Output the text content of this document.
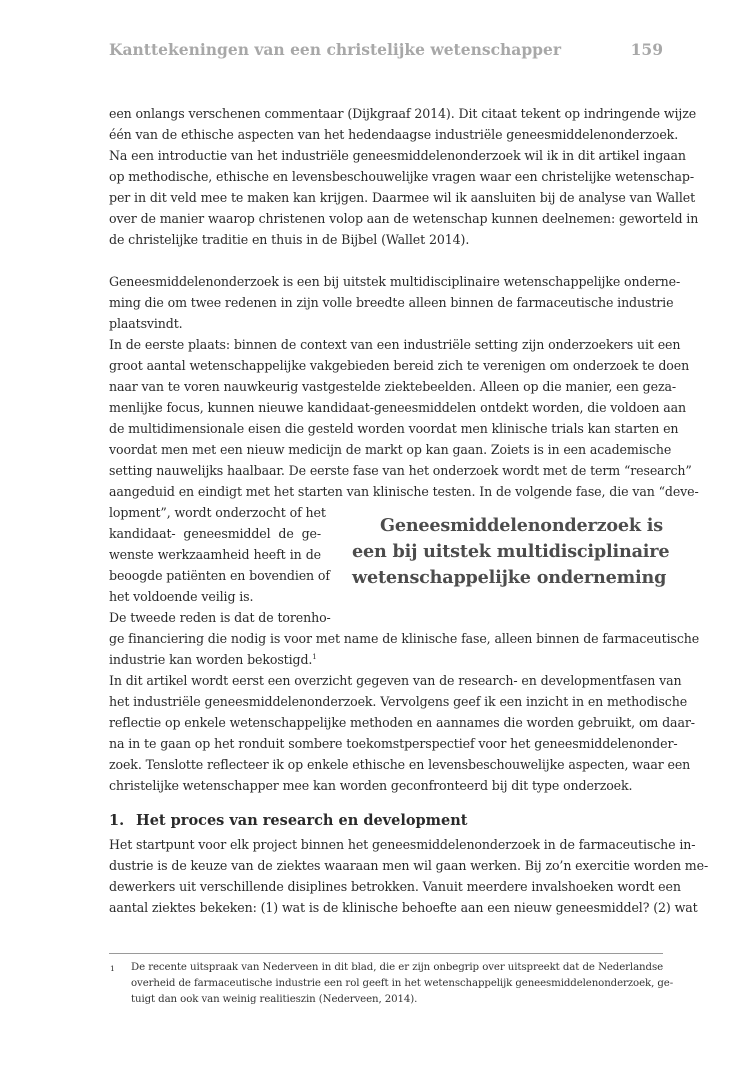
Kanttekeningen van een christelijke wetenschapper	159
een onlangs verschenen commentaar (Dijkgraaf 2014). Dit citaat tekent op indringende wijze
één van de ethische aspecten van het hedendaagse industriële geneesmiddelenonderzoek.
Na een introductie van het industriële geneesmiddelenonderzoek wil ik in dit artikel ingaan
op methodische, ethische en levensbeschouwelijke vragen waar een christelijke wetenschap-
per in dit veld mee te maken kan krijgen. Daarmee wil ik aansluiten bij de analyse van Wallet
over de manier waarop christenen volop aan de wetenschap kunnen deelnemen: geworteld in
de christelijke traditie en thuis in de Bijbel (Wallet 2014).
Geneesmiddelenonderzoek is een bij uitstek multidisciplinaire wetenschappelijke onderne-
ming die om twee redenen in zijn volle breedte alleen binnen de farmaceutische industrie
plaatsvindt.
In de eerste plaats: binnen de context van een industriële setting zijn onderzoekers uit een
groot aantal wetenschappelijke vakgebieden bereid zich te verenigen om onderzoek te doen
naar van te voren nauwkeurig vastgestelde ziektebeelden. Alleen op die manier, een geza-
menlijke focus, kunnen nieuwe kandidaat-geneesmiddelen ontdekt worden, die voldoen aan
de multidimensionale eisen die gesteld worden voordat men klinische trials kan starten en
voordat men met een nieuw medicijn de markt op kan gaan. Zoiets is in een academische
setting nauwelijks haalbaar. De eerste fase van het onderzoek wordt met de term “research”
aangeduid en eindigt met het starten van klinische testen. In de volgende fase, die van “deve-
lopment”, wordt onderzocht of het
kandidaat- geneesmiddel de ge-
wenste werkzaamheid heeft in de
beoogde patiënten en bovendien of
het voldoende veilig is.
De tweede reden is dat de torenho-
Geneesmiddelenonderzoek is
een bij uitstek multidisciplinaire
wetenschappelijke onderneming
ge financiering die nodig is voor met name de klinische fase, alleen binnen de farmaceutische
industrie kan worden bekostigd.$^1$
In dit artikel wordt eerst een overzicht gegeven van de research- en developmentfasen van
het industriële geneesmiddelenonderzoek. Vervolgens geef ik een inzicht in en methodische
reflectie op enkele wetenschappelijke methoden en aannames die worden gebruikt, om daar-
na in te gaan op het ronduit sombere toekomstperspectief voor het geneesmiddelenonder-
zoek. Tenslotte reflecteer ik op enkele ethische en levensbeschouwelijke aspecten, waar een
christelijke wetenschapper mee kan worden geconfronteerd bij dit type onderzoek.
1. Het proces van research en development
Het startpunt voor elk project binnen het geneesmiddelenonderzoek in de farmaceutische in-
dustrie is de keuze van de ziektes waaraan men wil gaan werken. Bij zo’n exercitie worden me-
dewerkers uit verschillende disiplines betrokken. Vanuit meerdere invalshoeken wordt een
aantal ziektes bekeken: (1) wat is de klinische behoefte aan een nieuw geneesmiddel? (2) wat
1 De recente uitspraak van Nederveen in dit blad, die er zijn onbegrip over uitspreekt dat de Nederlandse
overheid de farmaceutische industrie een rol geeft in het wetenschappelijk geneesmiddelenonderzoek, ge-
tuigt dan ook van weinig realitieszin (Nederveen, 2014).
